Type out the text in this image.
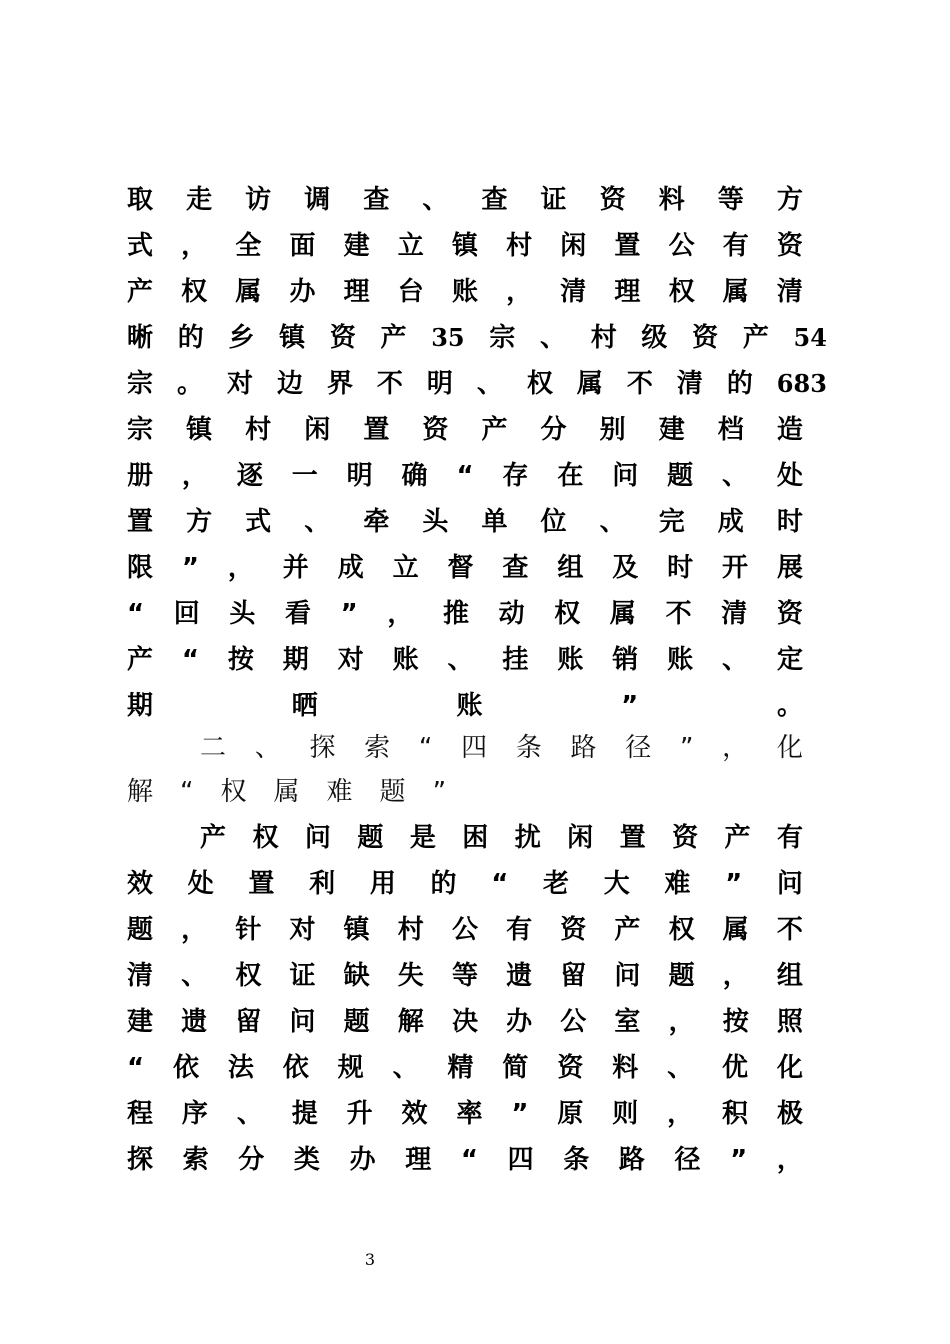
取 走 访 调 查 、 查 证 资 料 等 方
式 ， 全 面 建 立 镇 村 闲 置 公 有 资
产 权 属 办 理 台 账 ， 清 理 权 属 清
晰 的 乡 镇 资 产 35 宗 、 村 级 资 产 54
宗 。 对 边 界 不 明 、 权 属 不 清 的 683
宗 镇 村 闲 置 资 产 分 别 建 档 造
册 ， 逐 一 明 确 “ 存 在 问 题 、 处
置 方 式 、 牵 头 单 位 、 完 成 时
限 ” ， 并 成 立 督 查 组 及 时 开 展
“ 回 头 看 ” ， 推 动 权 属 不 清 资
产 “ 按 期 对 账 、 挂 账 销 账 、 定
期	晒	账	”	。
二 、 探 索 “ 四 条 路 径 ” ， 化
解 “ 权 属 难 题 ”
产 权 问 题 是 困 扰 闲 置 资 产 有
效 处 置 利 用 的 “ 老 大 难 ” 问
题 ， 针 对 镇 村 公 有 资 产 权 属 不
清 、 权 证 缺 失 等 遗 留 问 题 ， 组
建 遗 留 问 题 解 决 办 公 室 ， 按 照
“ 依 法 依 规 、 精 简 资 料 、 优 化
程 序 、 提 升 效 率 ” 原 则 ， 积 极
探 索 分 类 办 理 “ 四 条 路 径 ” ，
3
